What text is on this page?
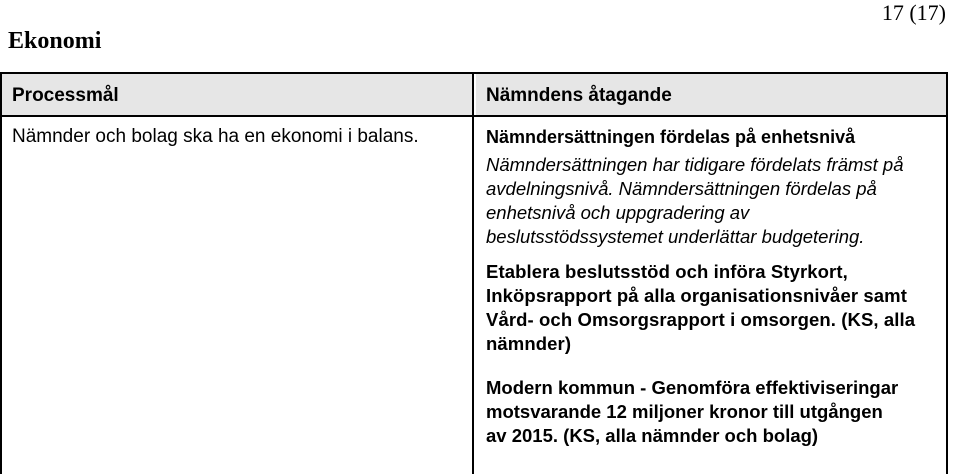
Ekonomi
17 (17)
Processmål	Nämndens åtagande
Nämnder och bolag ska ha en ekonomi i balans.	Nämndersättningen fördelas på enhetsnivå

Nämndersättningen har tidigare fördelats främst på avdelningsnivå. Nämndersättningen fördelas på enhetsnivå och uppgradering av beslutsstödssystemet underlättar budgetering.

Etablera beslutsstöd och införa Styrkort, Inköpsrapport på alla organisationsnivåer samt Vård- och Omsorgsrapport i omsorgen. (KS, alla nämnder)

Modern kommun - Genomföra effektiviseringar motsvarande 12 miljoner kronor till utgången av 2015. (KS, alla nämnder och bolag)
